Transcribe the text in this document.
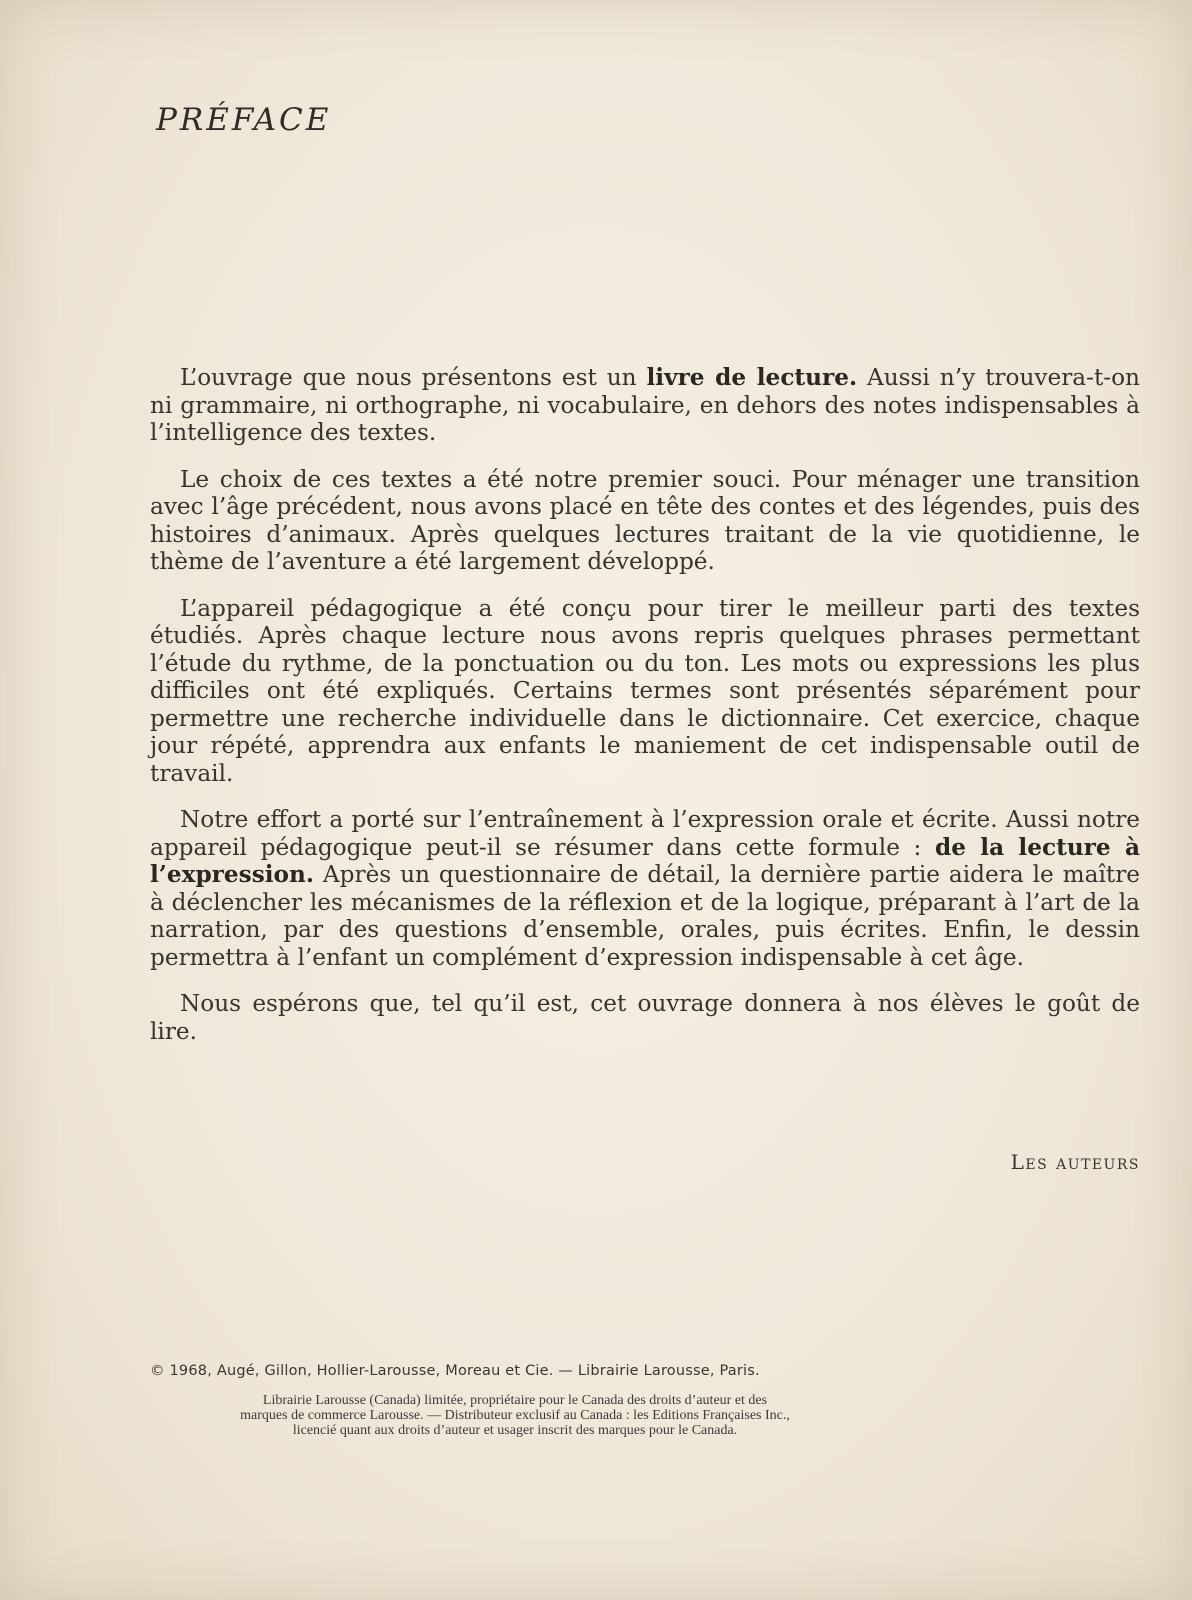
PRÉFACE

L’ouvrage que nous présentons est un livre de lecture. Aussi n’y trouvera-t-on ni grammaire, ni orthographe, ni vocabulaire, en dehors des notes indispensables à l’intelligence des textes.

Le choix de ces textes a été notre premier souci. Pour ménager une transition avec l’âge précédent, nous avons placé en tête des contes et des légendes, puis des histoires d’animaux. Après quelques lectures traitant de la vie quotidienne, le thème de l’aventure a été largement développé.

L’appareil pédagogique a été conçu pour tirer le meilleur parti des textes étudiés. Après chaque lecture nous avons repris quelques phrases permettant l’étude du rythme, de la ponctuation ou du ton. Les mots ou expressions les plus difficiles ont été expliqués. Certains termes sont présentés séparément pour permettre une recherche individuelle dans le dictionnaire. Cet exercice, chaque jour répété, apprendra aux enfants le maniement de cet indispensable outil de travail.

Notre effort a porté sur l’entraînement à l’expression orale et écrite. Aussi notre appareil pédagogique peut-il se résumer dans cette formule : de la lecture à l’expression. Après un questionnaire de détail, la dernière partie aidera le maître à déclencher les mécanismes de la réflexion et de la logique, préparant à l’art de la narration, par des questions d’ensemble, orales, puis écrites. Enfin, le dessin permettra à l’enfant un complément d’expression indispensable à cet âge.

Nous espérons que, tel qu’il est, cet ouvrage donnera à nos élèves le goût de lire.

Les auteurs
© 1968, Augé, Gillon, Hollier-Larousse, Moreau et Cie. — Librairie Larousse, Paris.
Librairie Larousse (Canada) limitée, propriétaire pour le Canada des droits d’auteur et des
marques de commerce Larousse. — Distributeur exclusif au Canada : les Editions Françaises Inc.,
licencié quant aux droits d’auteur et usager inscrit des marques pour le Canada.
